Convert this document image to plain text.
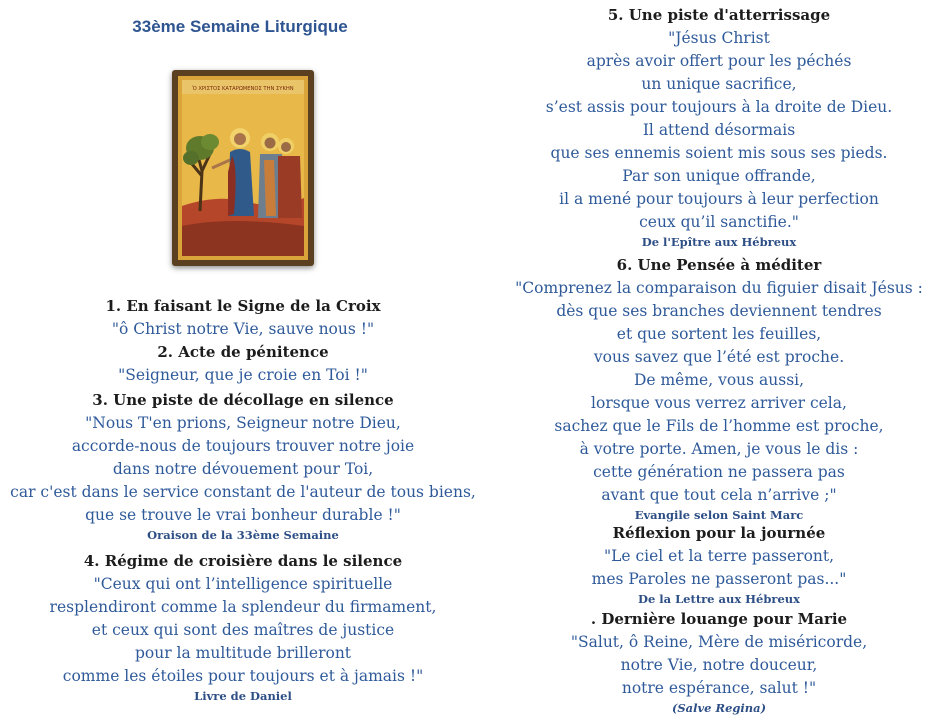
33ème Semaine Liturgique
Ὁ ΧΡΙΣΤΟΣ ΚΑΤΑΡΩΜΕΝΟΣ ΤΗΝ ΣΥΚΗΝ

1. En faisant le Signe de la Croix

"ô Christ notre Vie, sauve nous !"

2. Acte de pénitence

"Seigneur, que je croie en Toi !"

3. Une piste de décollage en silence

"Nous T'en prions, Seigneur notre Dieu,

accorde-nous de toujours trouver notre joie

dans notre dévouement pour Toi,

car c'est dans le service constant de l'auteur de tous biens,

que se trouve le vrai bonheur durable !"

Oraison de la 33ème Semaine

4. Régime de croisière dans le silence

"Ceux qui ont l’intelligence spirituelle

resplendiront comme la splendeur du firmament,

et ceux qui sont des maîtres de justice

pour la multitude brilleront

comme les étoiles pour toujours et à jamais !"

Livre de Daniel

5. Une piste d'atterrissage

"Jésus Christ

après avoir offert pour les péchés

un unique sacrifice,

s’est assis pour toujours à la droite de Dieu.

Il attend désormais

que ses ennemis soient mis sous ses pieds.

Par son unique offrande,

il a mené pour toujours à leur perfection

ceux qu’il sanctifie."

De l'Epître aux Hébreux

6. Une Pensée à méditer

"Comprenez la comparaison du figuier disait Jésus :

dès que ses branches deviennent tendres

et que sortent les feuilles,

vous savez que l’été est proche.

De même, vous aussi,

lorsque vous verrez arriver cela,

sachez que le Fils de l’homme est proche,

à votre porte. Amen, je vous le dis :

cette génération ne passera pas

avant que tout cela n’arrive ;"

Evangile selon Saint Marc

Réflexion pour la journée

"Le ciel et la terre passeront,

mes Paroles ne passeront pas..."

De la Lettre aux Hébreux

. Dernière louange pour Marie

"Salut, ô Reine, Mère de miséricorde,

notre Vie, notre douceur,

notre espérance, salut !"

(Salve Regina)
